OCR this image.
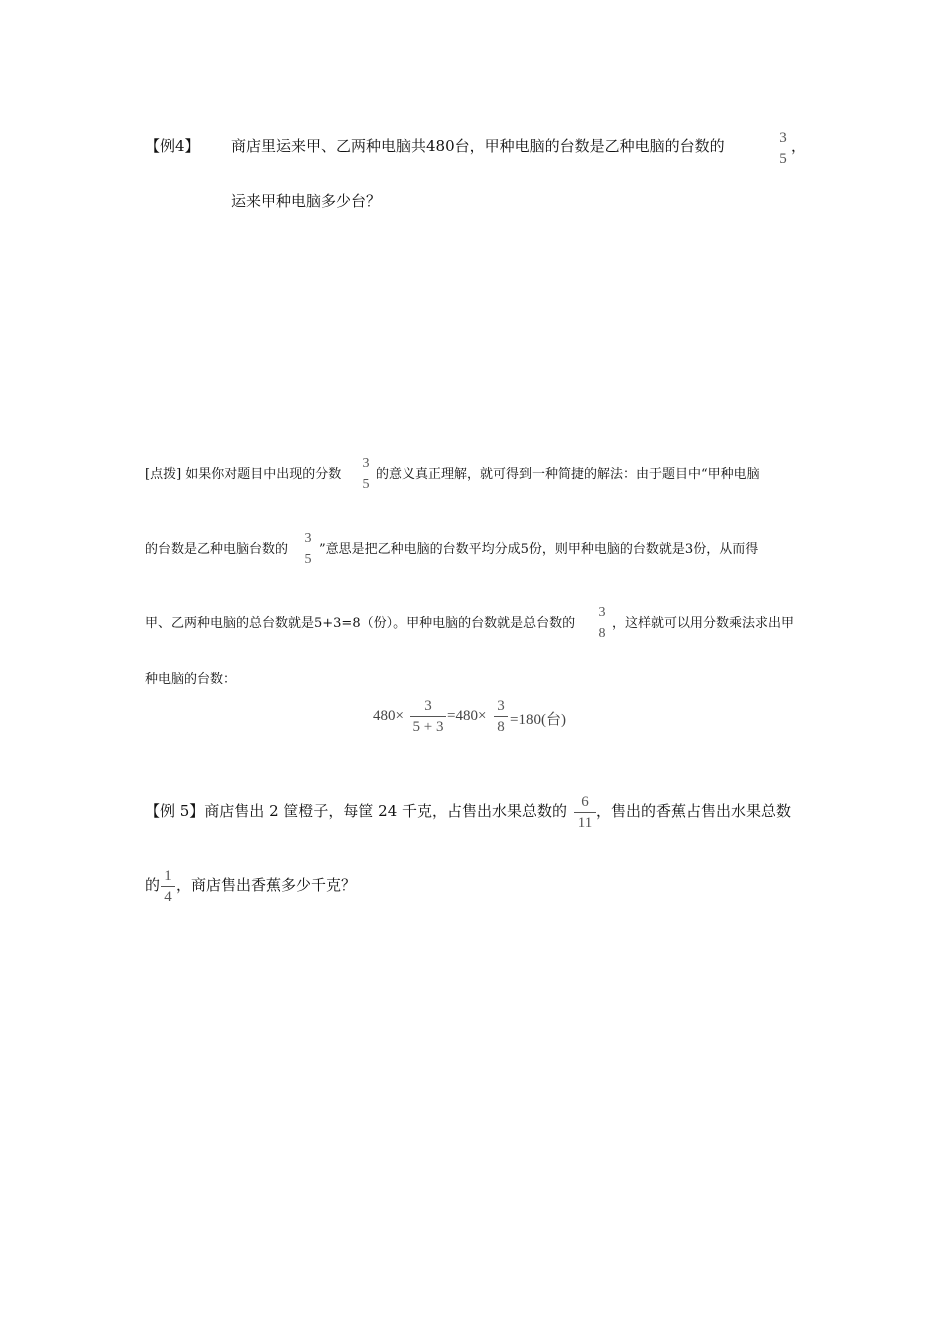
【例4】 商店里运来甲、乙两种电脑共480台，甲种电脑的台数是乙种电脑的台数的	3
5
，
运来甲种电脑多少台？
[点拨] 如果你对题目中出现的分数
3
5
的意义真正理解，就可得到一种简捷的解法：由于题目中“甲种电脑
的台数是乙种电脑台数的
3
5
”意思是把乙种电脑的台数平均分成5份，则甲种电脑的台数就是3份，从而得
甲、乙两种电脑的总台数就是5+3=8（份）。甲种电脑的台数就是总台数的
3
8
，这样就可以用分数乘法求出甲
种电脑的台数：
480×
3
5 + 3
=480×
3
8 =180(台)
【例 5】商店售出 2 筐橙子，每筐 24 千克，占售出水果总数的 6
11
，售出的香蕉占售出水果总数
的 1
4
，商店售出香蕉多少千克？
